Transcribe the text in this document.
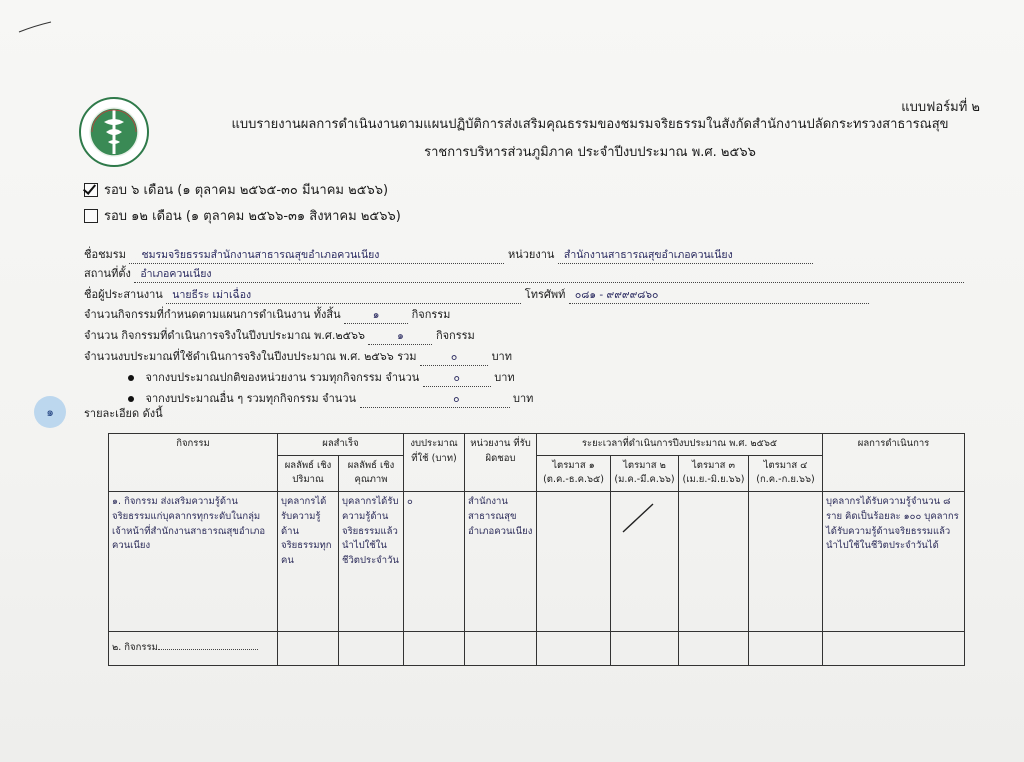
แบบฟอร์มที่ ๒
แบบรายงานผลการดำเนินงานตามแผนปฏิบัติการส่งเสริมคุณธรรมของชมรมจริยธรรมในสังกัดสำนักงานปลัดกระทรวงสาธารณสุข
ราชการบริหารส่วนภูมิภาค ประจำปีงบประมาณ พ.ศ. ๒๕๖๖
รอบ ๖ เดือน (๑ ตุลาคม ๒๕๖๕-๓๐ มีนาคม ๒๕๖๖)
รอบ ๑๒ เดือน (๑ ตุลาคม ๒๕๖๖-๓๑ สิงหาคม ๒๕๖๖)
ชื่อชมรม ชมรมจริยธรรมสำนักงานสาธารณสุขอำเภอควนเนียง	หน่วยงาน สำนักงานสาธารณสุขอำเภอควนเนียง
สถานที่ตั้ง อำเภอควนเนียง
ชื่อผู้ประสานงาน นายธีระ เม่าเฉื่อง	โทรศัพท์ ๐๘๑ - ๙๙๙๙๘๖๐
จำนวนกิจกรรมที่กำหนดตามแผนการดำเนินงาน ทั้งสิ้น	๑	กิจกรรม
จำนวน กิจกรรมที่ดำเนินการจริงในปีงบประมาณ พ.ศ.๒๕๖๖	๑	กิจกรรม
จำนวนงบประมาณที่ใช้ดำเนินการจริงในปีงบประมาณ พ.ศ. ๒๕๖๖ รวม	๐	บาท
จากงบประมาณปกติของหน่วยงาน รวมทุกกิจกรรม จำนวน	๐	บาท
จากงบประมาณอื่น ๆ รวมทุกกิจกรรม จำนวน	๐	บาท
๑	รายละเอียด ดังนี้
กิจกรรม	ผลสำเร็จ		งบประมาณ ที่ใช้ (บาท)	หน่วยงาน ที่รับผิดชอบ	ระยะเวลาที่ดำเนินการปีงบประมาณ พ.ศ. ๒๕๖๕				ผลการดำเนินการ
	ผลลัพธ์ เชิงปริมาณ	ผลลัพธ์ เชิงคุณภาพ			ไตรมาส ๑ (ต.ค.-ธ.ค.๖๕)	ไตรมาส ๒ (ม.ค.-มี.ค.๖๖)	ไตรมาส ๓ (เม.ย.-มิ.ย.๖๖)	ไตรมาส ๔ (ก.ค.-ก.ย.๖๖)	
๑. กิจกรรม ส่งเสริมความรู้ด้านจริยธรรมแก่บุคลากรทุกระดับในกลุ่มเจ้าหน้าที่สำนักงานสาธารณสุขอำเภอควนเนียง	บุคลากรได้รับความรู้ด้านจริยธรรมทุกคน	บุคลากรได้รับความรู้ด้านจริยธรรมแล้วนำไปใช้ในชีวิตประจำวัน	๐	สำนักงานสาธารณสุขอำเภอควนเนียง					บุคลากรได้รับความรู้จำนวน ๘ ราย คิดเป็นร้อยละ ๑๐๐ บุคลากรได้รับความรู้ด้านจริยธรรมแล้วนำไปใช้ในชีวิตประจำวันได้
๒. กิจกรรม									
